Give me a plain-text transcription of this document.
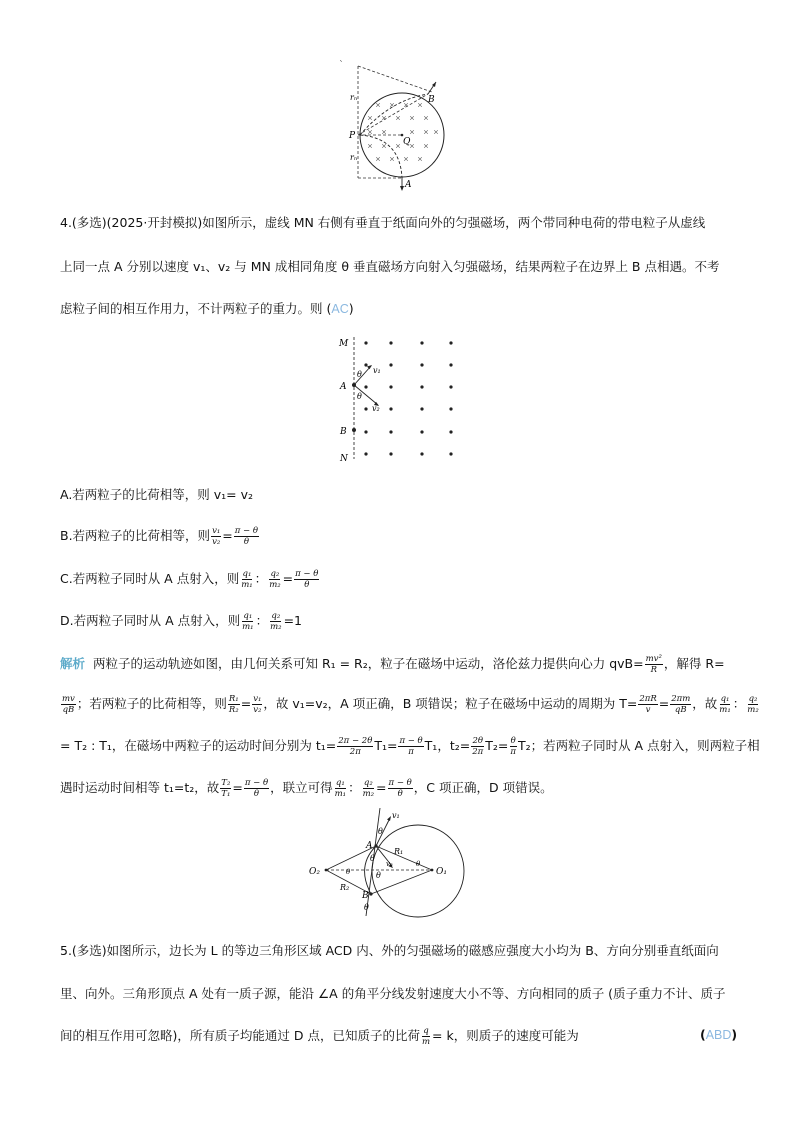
rₙ
P
B
Q
rₙ
A
4.(多选)(2025·开封模拟)如图所示，虚线 MN 右侧有垂直于纸面向外的匀强磁场，两个带同种电荷的带电粒子从虚线
上同一点 A 分别以速度 v₁、v₂ 与 MN 成相同角度 θ 垂直磁场方向射入匀强磁场，结果两粒子在边界上 B 点相遇。不考
虑粒子间的相互作用力，不计两粒子的重力。则 (AC)
M
A
B
N
v₁
v₂
θ
θ
A.若两粒子的比荷相等，则 v₁= v₂
B.若两粒子的比荷相等，则 $\frac{\text{v₁}}{\text{v₂}} = \frac{\pi - \theta}{\theta}$
C.若两粒子同时从 A 点射入，则 $\frac{\text{q₁}}{\text{m₁}}$ ： $\frac{\text{q₂}}{\text{m₂}} = \frac{\pi - \theta}{\theta}$
D.若两粒子同时从 A 点射入，则 $\frac{\text{q₁}}{\text{m₁}}$ ： $\frac{\text{q₂}}{\text{m₂}} =1$
解析 两粒子的运动轨迹如图，由几何关系可知 R₁ = R₂，粒子在磁场中运动，洛伦兹力提供向心力 $qvB= \frac{\text{mv²}}{R}$ ，解得 R=
$\frac{mv}{qB}$ ；若两粒子的比荷相等，则 $\frac{\text{R₁}}{\text{R₂}} = \frac{\text{v₁}}{\text{v₂}}$ ，故 v₁=v₂，A 项正确，B 项错误；粒子在磁场中运动的周期为 $T= \frac{2\pi R}{v} = \frac{2\pi m}{qB}$ ，故 $\frac{\text{q₁}}{\text{m₁}}$ ： $\frac{\text{q₂}}{\text{m₂}}$
= T₂ : T₁，在磁场中两粒子的运动时间分别为 $t_1= \frac{2\pi - 2\theta}{2\pi} T_1= \frac{\pi - \theta}{\pi} T_1$，$t_2= \frac{2\theta}{2\pi} T_2= \frac{\theta}{\pi} T_2$；若两粒子同时从 A 点射入，则两粒子相
遇时运动时间相等 t₁=t₂，故 $\frac{\text{T₂}}{\text{T₁}} = \frac{\pi - \theta}{\theta}$ ，联立可得 $\frac{\text{q₁}}{\text{m₁}}$ ： $\frac{\text{q₂}}{\text{m₂}} = \frac{\pi - \theta}{\theta}$ ，C 项正确，D 项错误。
O₂	O₁
A
B
R₁
R₂
v₁
v₂
θ
θ
θ
θ
θ
θ
5.(多选)如图所示，边长为 L 的等边三角形区域 ACD 内、外的匀强磁场的磁感应强度大小均为 B、方向分别垂直纸面向
里、向外。三角形顶点 A 处有一质子源，能沿 ∠A 的角平分线发射速度大小不等、方向相同的质子 (质子重力不计、质子
间的相互作用可忽略)，所有质子均能通过 D 点，已知质子的比荷 $\frac{q}{m} = k$，则质子的速度可能为	(ABD)
